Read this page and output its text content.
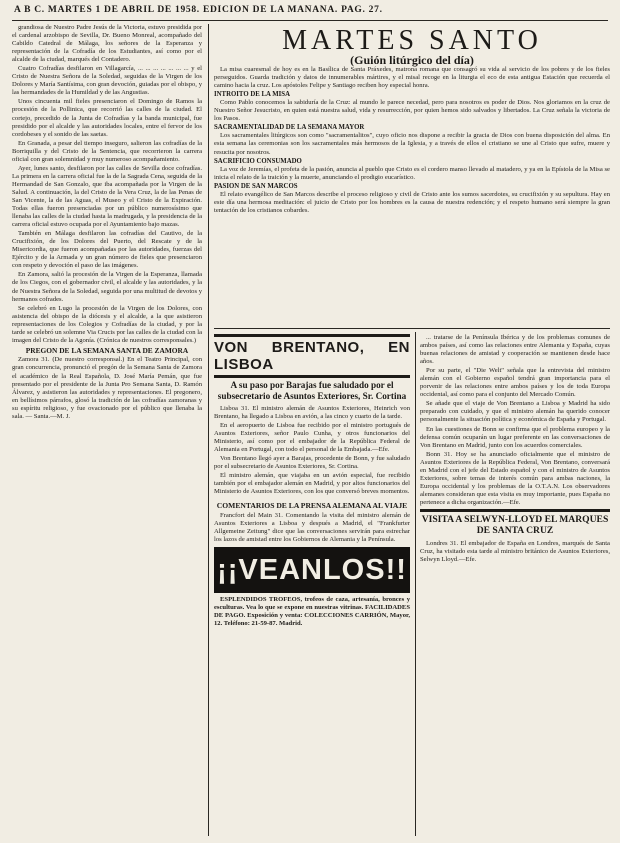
A B C. MARTES 1 DE ABRIL DE 1958. EDICION DE LA MAÑANA. PAG. 27.

grandiosa de Nuestro Padre Jesús de la Victoria, estuvo presidida por el cardenal arzobispo de Sevilla, Dr. Bueno Monreal, acompañado del Cabildo Catedral de Málaga, los señores de la Esperanza y representación de la Cofradía de los Estudiantes, así como por el alcalde de la ciudad, marqués del Contadero.

Cuatro Cofradías desfilaron en Villagarcía, ... ... ... ... ... ... ... y el Cristo de Nuestra Señora de la Soledad, seguidas de la Virgen de los Dolores y María Santísima, con gran devoción, guiadas por el obispo, y las hermandades de la Humildad y de las Angustias.

Unos cincuenta mil fieles presenciaron el Domingo de Ramos la procesión de la Pollinica, que recorrió las calles de la ciudad. El cortejo, precedido de la Junta de Cofradías y la banda municipal, fue presidido por el alcalde y las autoridades locales, entre el fervor de los cordobeses y el sonido de las saetas.

En Granada, a pesar del tiempo inseguro, salieron las cofradías de la Borriquilla y del Cristo de la Sentencia, que recorrieron la carrera oficial con gran solemnidad y muy numeroso acompañamiento.

Ayer, lunes santo, desfilaron por las calles de Sevilla doce cofradías. La primera en la carrera oficial fue la de la Sagrada Cena, seguida de la Hermandad de San Gonzalo, que iba acompañada por la Virgen de la Salud. A continuación, la del Cristo de la Vera Cruz, la de las Penas de San Vicente, la de las Aguas, el Museo y el Cristo de la Expiración. Todas ellas fueron presenciadas por un público numerosísimo que llenaba las calles de la ciudad hasta la madrugada, y la presidencia de la carrera oficial estuvo ocupada por el Ayuntamiento bajo mazas.

También en Málaga desfilaron las cofradías del Cautivo, de la Crucifixión, de los Dolores del Puerto, del Rescate y de la Misericordia, que fueron acompañadas por las autoridades, fuerzas del Ejército y de la Armada y un gran número de fieles que presenciaron con respeto y devoción el paso de las imágenes.

En Zamora, salió la procesión de la Virgen de la Esperanza, llamada de los Ciegos, con el gobernador civil, el alcalde y las autoridades, y la de Nuestra Señora de la Soledad, seguida por una multitud de devotos y hermanos cofrades.

Se celebró en Lugo la procesión de la Virgen de los Dolores, con asistencia del obispo de la diócesis y el alcalde, a la que asistieron representaciones de los Colegios y Cofradías de la ciudad, y por la tarde se celebró un solemne Via Crucis por las calles de la ciudad con la imagen del Cristo de la Agonía. (Crónica de nuestros corresponsales.)

PREGON DE LA SEMANA SANTA DE ZAMORA

Zamora 31. (De nuestro corresponsal.) En el Teatro Principal, con gran concurrencia, pronunció el pregón de la Semana Santa de Zamora el académico de la Real Española, D. José María Pemán, que fue presentado por el presidente de la Junta Pro Semana Santa, D. Ramón Álvarez, y asistieron las autoridades y representaciones. El pregonero, en bellísimos párrafos, glosó la tradición de las cofradías zamoranas y su espíritu religioso, y fue ovacionado por el público que llenaba la sala. — Santa.—M. J.

MARTES SANTO
(Guión litúrgico del día)

La misa cuaresmal de hoy es en la Basílica de Santa Práxedes, matrona romana que consagró su vida al servicio de los pobres y de los fieles perseguidos. Guarda tradición y datos de innumerables mártires, y el misal recoge en la liturgia el eco de esta antigua Estación que recuerda el camino hacia la cruz. Los apóstoles Felipe y Santiago reciben hoy especial honra.

INTROITO DE LA MISA

Como Pablo conocemos la sabiduría de la Cruz: al mundo le parece necedad, pero para nosotros es poder de Dios. Nos gloriamos en la cruz de Nuestro Señor Jesucristo, en quien está nuestra salud, vida y resurrección, por quien hemos sido salvados y libertados. La Cruz señala la victoria de los Pasos.

SACRAMENTALIDAD DE LA SEMANA MAYOR

Los sacramentales litúrgicos son como "sacramentalitos", cuyo oficio nos dispone a recibir la gracia de Dios con buena disposición del alma. En esta semana las ceremonias son los sacramentales más hermosos de la Iglesia, y a través de ellos el cristiano se une al Cristo que sufre, muere y resucita por nosotros.

SACRIFICIO CONSUMADO

La voz de Jeremías, el profeta de la pasión, anuncia al pueblo que Cristo es el cordero manso llevado al matadero, y ya en la Epístola de la Misa se inicia el relato de la traición y la muerte, anunciando el prodigio eucarístico.

PASION DE SAN MARCOS

El relato evangélico de San Marcos describe el proceso religioso y civil de Cristo ante los sumos sacerdotes, su crucifixión y su sepultura. Hay en este día una hermosa meditación: el juicio de Cristo por los hombres es la causa de nuestra redención; y el respeto humano será siempre la gran tentación de los cristianos cobardes.

VON BRENTANO, EN LISBOA
A su paso por Barajas fue saludado por el subsecretario de Asuntos Exteriores, Sr. Cortina

Lisboa 31. El ministro alemán de Asuntos Exteriores, Heinrich von Brentano, ha llegado a Lisboa en avión, a las cinco y cuarto de la tarde.

En el aeropuerto de Lisboa fue recibido por el ministro portugués de Asuntos Exteriores, señor Paulo Cunha, y otros funcionarios del Ministerio, así como por el embajador de la República Federal de Alemania en Portugal, con todo el personal de la Embajada.—Efe.

Von Brentano llegó ayer a Barajas, procedente de Bonn, y fue saludado por el subsecretario de Asuntos Exteriores, Sr. Cortina.

El ministro alemán, que viajaba en un avión especial, fue recibido también por el embajador alemán en Madrid, y por altos funcionarios del Ministerio de Asuntos Exteriores, con los que conversó breves momentos.

COMENTARIOS DE LA PRENSA ALEMANA AL VIAJE

Francfort del Main 31. Comentando la visita del ministro alemán de Asuntos Exteriores a Lisboa y después a Madrid, el "Frankfurter Allgemeine Zeitung" dice que las conversaciones servirán para estrechar los lazos de amistad entre los Gobiernos de Alemania y la Península.

¡¡VEANLOS!!

ESPLENDIDOS TROFEOS, trofeos de caza, artesanía, bronces y esculturas. Vea lo que se expone en nuestras vitrinas. FACILIDADES DE PAGO. Exposición y venta: COLECCIONES CARRIÓN, Mayor, 12. Teléfono: 21-59-87. Madrid.

... tratarse de la Península Ibérica y de los problemas comunes de ambos países, así como las relaciones entre Alemania y España, cuyas buenas relaciones de amistad y cooperación se mantienen desde hace años.

Por su parte, el "Die Welt" señala que la entrevista del ministro alemán con el Gobierno español tendrá gran importancia para el porvenir de las relaciones entre ambos países y los de toda Europa occidental, así como para el conjunto del Mercado Común.

Se añade que el viaje de Von Brentano a Lisboa y Madrid ha sido preparado con cuidado, y que el ministro alemán ha querido conocer personalmente la situación política y económica de España y Portugal.

En las cuestiones de Bonn se confirma que el problema europeo y la defensa común ocuparán un lugar preferente en las conversaciones de Von Brentano en Madrid, junto con los acuerdos comerciales.

Bonn 31. Hoy se ha anunciado oficialmente que el ministro de Asuntos Exteriores de la República Federal, Von Brentano, conversará en Madrid con el jefe del Estado español y con el ministro de Asuntos Exteriores, sobre temas de interés común para ambas naciones, la Europa occidental y los problemas de la O.T.A.N. Los observadores alemanes consideran que esta visita es muy importante, pues España no pertenece a dicha organización.—Efe.

VISITA A SELWYN-LLOYD EL MARQUES DE SANTA CRUZ

Londres 31. El embajador de España en Londres, marqués de Santa Cruz, ha visitado esta tarde al ministro británico de Asuntos Exteriores, Selwyn Lloyd.—Efe.
